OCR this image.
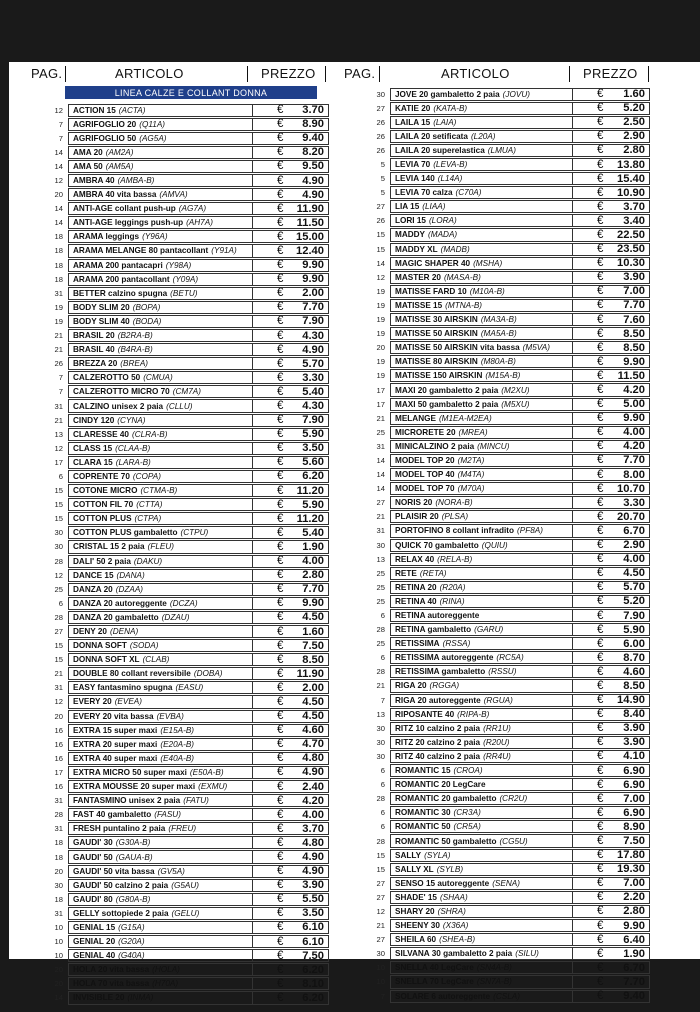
PAG.	ARTICOLO	PREZZO PAG.	ARTICOLO	PREZZO
LINEA CALZE E COLLANT DONNA
12	ACTION 15 (ACTA)	€ 3.70
7	AGRIFOGLIO 20 (Q11A)	€ 8.90
7	AGRIFOGLIO 50 (AG5A)	€ 9.40
14	AMA 20 (AM2A)	€ 8.20
14	AMA 50 (AM5A)	€ 9.50
12	AMBRA 40 (AMBA-B)	€ 4.90
20	AMBRA 40 vita bassa (AMVA)	€ 4.90
14	ANTI-AGE collant push-up (AG7A)	€ 11.90
14	ANTI-AGE leggings push-up (AH7A)	€ 11.50
18	ARAMA leggings (Y96A)	€ 15.00
18	ARAMA MELANGE 80 pantacollant (Y91A)	€ 12.40
18	ARAMA 200 pantacapri (Y98A)	€ 9.90
18	ARAMA 200 pantacollant (Y09A)	€ 9.90
31	BETTER calzino spugna (BETU)	€ 2.00
19	BODY SLIM 20 (BOPA)	€ 7.70
19	BODY SLIM 40 (BODA)	€ 7.90
21	BRASIL 20 (B2RA-B)	€ 4.30
21	BRASIL 40 (B4RA-B)	€ 4.90
26	BREZZA 20 (BREA)	€ 5.70
7	CALZEROTTO 50 (CMUA)	€ 3.30
7	CALZEROTTO MICRO 70 (CM7A)	€ 5.40
31	CALZINO unisex 2 paia (CLLU)	€ 4.30
21	CINDY 120 (CYNA)	€ 7.90
13	CLARESSE 40 (CLRA-B)	€ 5.90
12	CLASS 15 (CLAA-B)	€ 3.50
17	CLARA 15 (LARA-B)	€ 5.60
6	COPRENTE 70 (COPA)	€ 6.20
15	COTONE MICRO (CTMA-B)	€ 11.20
15	COTTON FIL 70 (CTTA)	€ 5.90
15	COTTON PLUS (CTPA)	€ 11.20
30	COTTON PLUS gambaletto (CTPU)	€ 5.40
30	CRISTAL 15 2 paia (FLEU)	€ 1.90
28	DALI' 50 2 paia (DAKU)	€ 4.00
12	DANCE 15 (DANA)	€ 2.80
25	DANZA 20 (DZAA)	€ 7.70
6	DANZA 20 autoreggente (DCZA)	€ 9.90
28	DANZA 20 gambaletto (DZAU)	€ 4.50
27	DENY 20 (DENA)	€ 1.60
15	DONNA SOFT (SODA)	€ 7.50
15	DONNA SOFT XL (CLAB)	€ 8.50
21	DOUBLE 80 collant reversibile (DOBA)	€ 11.90
31	EASY fantasmino spugna (EASU)	€ 2.00
12	EVERY 20 (EVEA)	€ 4.50
20	EVERY 20 vita bassa (EVBA)	€ 4.50
16	EXTRA 15 super maxi (E15A-B)	€ 4.60
16	EXTRA 20 super maxi (E20A-B)	€ 4.70
16	EXTRA 40 super maxi (E40A-B)	€ 4.80
17	EXTRA MICRO 50 super maxi (E50A-B)	€ 4.90
16	EXTRA MOUSSE 20 super maxi (EXMU)	€ 2.40
31	FANTASMINO unisex 2 paia (FATU)	€ 4.20
28	FAST 40 gambaletto (FASU)	€ 4.00
31	FRESH puntalino 2 paia (FREU)	€ 3.70
18	GAUDI' 30 (G30A-B)	€ 4.80
18	GAUDI' 50 (GAUA-B)	€ 4.90
20	GAUDI' 50 vita bassa (GV5A)	€ 4.90
30	GAUDI' 50 calzino 2 paia (G5AU)	€ 3.90
18	GAUDI' 80 (G80A-B)	€ 5.50
31	GELLY sottopiede 2 paia (GELU)	€ 3.50
10	GENIAL 15 (G15A)	€ 6.10
10	GENIAL 20 (G20A)	€ 6.10
10	GENIAL 40 (G40A)	€ 7.50
20	HOLA 20 vita bassa (HOLA)	€ 6.20
20	HOLA 70 vita bassa (H70A)	€ 8.10
14	INVISIBLE 20 (INMA)	€ 6.20
30	JOVE 20 gambaletto 2 paia (JOVU)	€ 1.60
27	KATIE 20 (KATA-B)	€ 5.20
26	LAILA 15 (LAIA)	€ 2.50
26	LAILA 20 setificata (L20A)	€ 2.90
26	LAILA 20 superelastica (LMUA)	€ 2.80
5	LEVIA 70 (LEVA-B)	€ 13.80
5	LEVIA 140 (L14A)	€ 15.40
5	LEVIA 70 calza (C70A)	€ 10.90
27	LIA 15 (LIAA)	€ 3.70
26	LORI 15 (LORA)	€ 3.40
15	MADDY (MADA)	€ 22.50
15	MADDY XL (MADB)	€ 23.50
14	MAGIC SHAPER 40 (MSHA)	€ 10.30
12	MASTER 20 (MASA-B)	€ 3.90
19	MATISSE FARD 10 (M10A-B)	€ 7.00
19	MATISSE 15 (MTNA-B)	€ 7.70
19	MATISSE 30 AIRSKIN (MA3A-B)	€ 7.60
19	MATISSE 50 AIRSKIN (MA5A-B)	€ 8.50
20	MATISSE 50 AIRSKIN vita bassa (M5VA)	€ 8.50
19	MATISSE 80 AIRSKIN (M80A-B)	€ 9.90
19	MATISSE 150 AIRSKIN (M15A-B)	€ 11.50
17	MAXI 20 gambaletto 2 paia (M2XU)	€ 4.20
17	MAXI 50 gambaletto 2 paia (M5XU)	€ 5.00
21	MELANGE (M1EA-M2EA)	€ 9.90
25	MICRORETE 20 (MREA)	€ 4.00
31	MINICALZINO 2 paia (MINCU)	€ 4.20
14	MODEL TOP 20 (M2TA)	€ 7.70
14	MODEL TOP 40 (M4TA)	€ 8.00
14	MODEL TOP 70 (M70A)	€ 10.70
27	NORIS 20 (NORA-B)	€ 3.30
21	PLAISIR 20 (PLSA)	€ 20.70
31	PORTOFINO 8 collant infradito (PF8A)	€ 6.70
30	QUICK 70 gambaletto (QUIU)	€ 2.90
13	RELAX 40 (RELA-B)	€ 4.00
25	RETE (RETA)	€ 4.50
25	RETINA 20 (R20A)	€ 5.70
25	RETINA 40 (RINA)	€ 5.20
6	RETINA autoreggente	€ 7.90
28	RETINA gambaletto (GARU)	€ 5.90
25	RETISSIMA (RSSA)	€ 6.00
6	RETISSIMA autoreggente (RC5A)	€ 8.70
28	RETISSIMA gambaletto (RSSU)	€ 4.60
21	RIGA 20 (RGGA)	€ 8.50
7	RIGA 20 autoreggente (RGUA)	€ 14.90
13	RIPOSANTE 40 (RIPA-B)	€ 8.40
30	RITZ 10 calzino 2 paia (RR1U)	€ 3.90
30	RITZ 20 calzino 2 paia (R20U)	€ 3.90
30	RITZ 40 calzino 2 paia (RR4U)	€ 4.10
6	ROMANTIC 15 (CROA)	€ 6.90
6	ROMANTIC 20 LegCare	€ 6.90
28	ROMANTIC 20 gambaletto (CR2U)	€ 7.00
6	ROMANTIC 30 (CR3A)	€ 6.90
6	ROMANTIC 50 (CR5A)	€ 8.90
28	ROMANTIC 50 gambaletto (CG5U)	€ 7.50
15	SALLY (SYLA)	€ 17.80
15	SALLY XL (SYLB)	€ 19.30
27	SENSO 15 autoreggente (SENA)	€ 7.00
27	SHADE' 15 (SHAA)	€ 2.20
12	SHARY 20 (SHRA)	€ 2.80
21	SHEENY 30 (X36A)	€ 9.90
27	SHEILA 60 (SHEA-B)	€ 6.40
30	SILVANA 30 gambaletto 2 paia (SILU)	€ 1.90
10	SNELLA 40 LegCare (SN4A-B)	€ 6.70
10	SNELLA 70 LegCare (SN7A-B)	€ 7.70
7	SOLARE 6 autoreggente (CSLA)	€ 9.40
